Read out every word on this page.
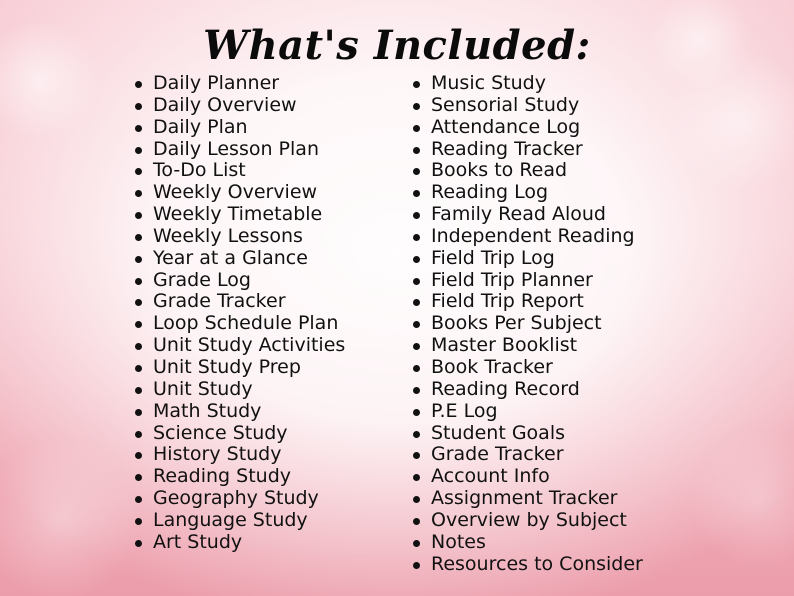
What's Included:
Daily Planner
Daily Overview
Daily Plan
Daily Lesson Plan
To-Do List
Weekly Overview
Weekly Timetable
Weekly Lessons
Year at a Glance
Grade Log
Grade Tracker
Loop Schedule Plan
Unit Study Activities
Unit Study Prep
Unit Study
Math Study
Science Study
History Study
Reading Study
Geography Study
Language Study
Art Study
Music Study
Sensorial Study
Attendance Log
Reading Tracker
Books to Read
Reading Log
Family Read Aloud
Independent Reading
Field Trip Log
Field Trip Planner
Field Trip Report
Books Per Subject
Master Booklist
Book Tracker
Reading Record
P.E Log
Student Goals
Grade Tracker
Account Info
Assignment Tracker
Overview by Subject
Notes
Resources to Consider
